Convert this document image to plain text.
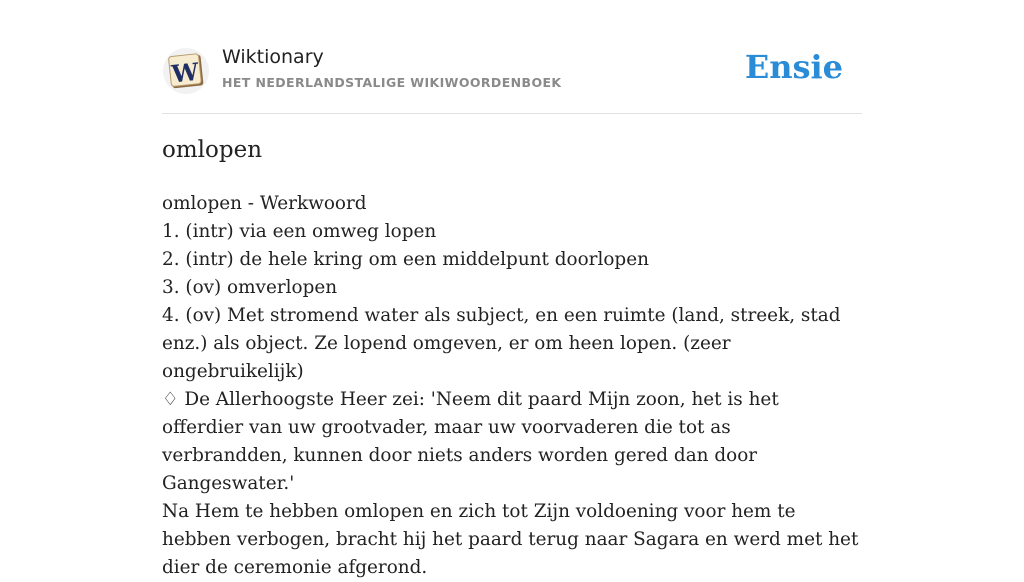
W Wiktionary
HET NEDERLANDSTALIGE WIKIWOORDENBOEK	Ensie
omlopen

omlopen - Werkwoord

1. (intr) via een omweg lopen

2. (intr) de hele kring om een middelpunt doorlopen

3. (ov) omverlopen

4. (ov) Met stromend water als subject, en een ruimte (land, streek, stad enz.) als object. Ze lopend omgeven, er om heen lopen. (zeer ongebruikelijk)

♢ De Allerhoogste Heer zei: 'Neem dit paard Mijn zoon, het is het offerdier van uw grootvader, maar uw voorvaderen die tot as verbrandden, kunnen door niets anders worden gered dan door Gangeswater.'

Na Hem te hebben omlopen en zich tot Zijn voldoening voor hem te hebben verbogen, bracht hij het paard terug naar Sagara en werd met het dier de ceremonie afgerond.
